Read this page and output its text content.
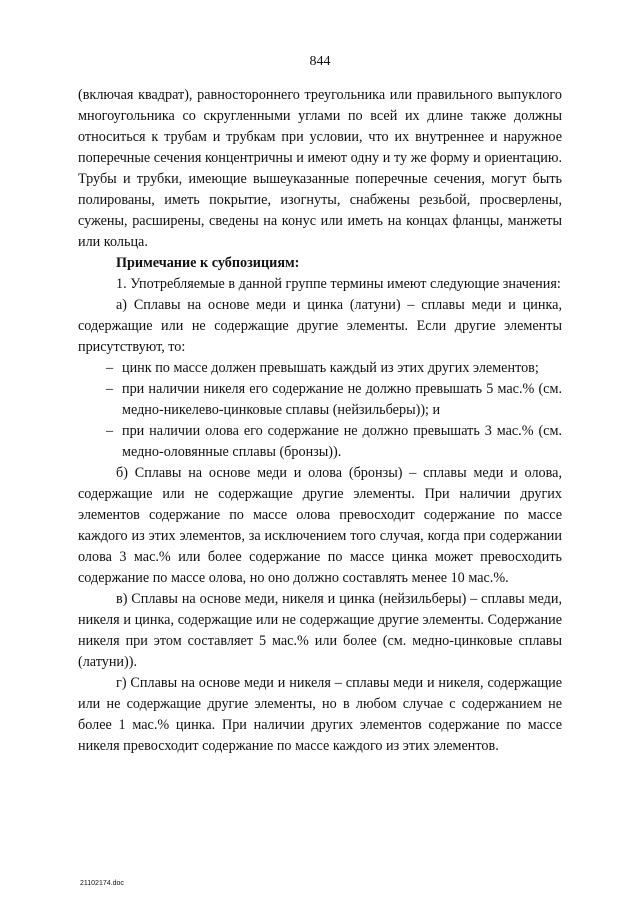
844

(включая квадрат), равностороннего треугольника или правильного выпуклого многоугольника со скругленными углами по всей их длине также должны относиться к трубам и трубкам при условии, что их внутреннее и наружное поперечные сечения концентричны и имеют одну и ту же форму и ориентацию. Трубы и трубки, имеющие вышеуказанные поперечные сечения, могут быть полированы, иметь покрытие, изогнуты, снабжены резьбой, просверлены, сужены, расширены, сведены на конус или иметь на концах фланцы, манжеты или кольца.

Примечание к субпозициям:

1. Употребляемые в данной группе термины имеют следующие значения:

а) Сплавы на основе меди и цинка (латуни) – сплавы меди и цинка, содержащие или не содержащие другие элементы. Если другие элементы присутствуют, то:

– цинк по массе должен превышать каждый из этих других элементов;
– при наличии никеля его содержание не должно превышать 5 мас.% (см. медно-никелево-цинковые сплавы (нейзильберы)); и
– при наличии олова его содержание не должно превышать 3 мас.% (см. медно-оловянные сплавы (бронзы)).

б) Сплавы на основе меди и олова (бронзы) – сплавы меди и олова, содержащие или не содержащие другие элементы. При наличии других элементов содержание по массе олова превосходит содержание по массе каждого из этих элементов, за исключением того случая, когда при содержании олова 3 мас.% или более содержание по массе цинка может превосходить содержание по массе олова, но оно должно составлять менее 10 мас.%.

в) Сплавы на основе меди, никеля и цинка (нейзильберы) – сплавы меди, никеля и цинка, содержащие или не содержащие другие элементы. Содержание никеля при этом составляет 5 мас.% или более (см. медно-цинковые сплавы (латуни)).

г) Сплавы на основе меди и никеля – сплавы меди и никеля, содержащие или не содержащие другие элементы, но в любом случае с содержанием не более 1 мас.% цинка. При наличии других элементов содержание по массе никеля превосходит содержание по массе каждого из этих элементов.

21102174.doc
